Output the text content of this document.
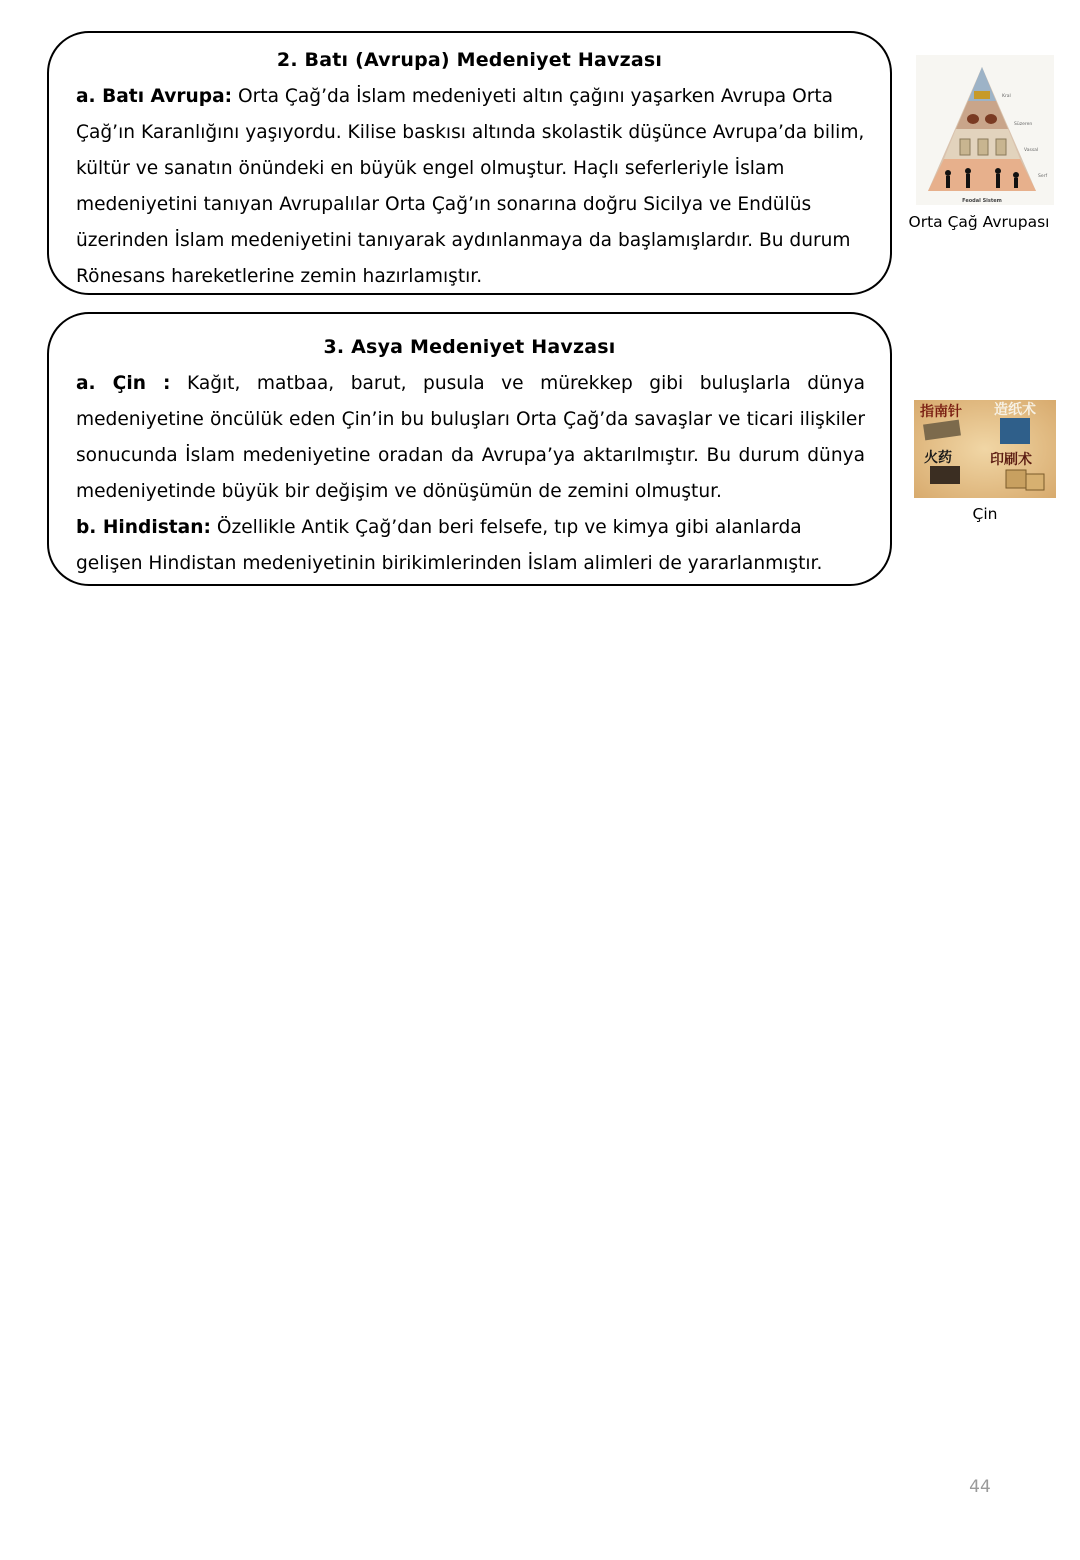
2. Batı (Avrupa) Medeniyet Havzası
a. Batı Avrupa: Orta Çağ’da İslam medeniyeti altın çağını yaşarken Avrupa Orta Çağ’ın Karanlığını yaşıyordu. Kilise baskısı altında skolastik düşünce Avrupa’da bilim, kültür ve sanatın önündeki en büyük engel olmuştur. Haçlı seferleriyle İslam medeniyetini tanıyan Avrupalılar Orta Çağ’ın sonarına doğru Sicilya ve Endülüs üzerinden İslam medeniyetini tanıyarak aydınlanmaya da başlamışlardır. Bu durum Rönesans hareketlerine zemin hazırlamıştır.
3. Asya Medeniyet Havzası
a. Çin : Kağıt, matbaa, barut, pusula ve mürekkep gibi buluşlarla dünya medeniyetine öncülük eden Çin’in bu buluşları Orta Çağ’da savaşlar ve ticari ilişkiler sonucunda İslam medeniyetine oradan da Avrupa’ya aktarılmıştır. Bu durum dünya medeniyetinde büyük bir değişim ve dönüşümün de zemini olmuştur.
b. Hindistan: Özellikle Antik Çağ’dan beri felsefe, tıp ve kimya gibi alanlarda gelişen Hindistan medeniyetinin birikimlerinden İslam alimleri de yararlanmıştır.
Kral
Süzeren
Vassal
Serf
Feodal Sistem
Orta Çağ Avrupası
指南针 造纸术
火药	印刷术
Çin
44
